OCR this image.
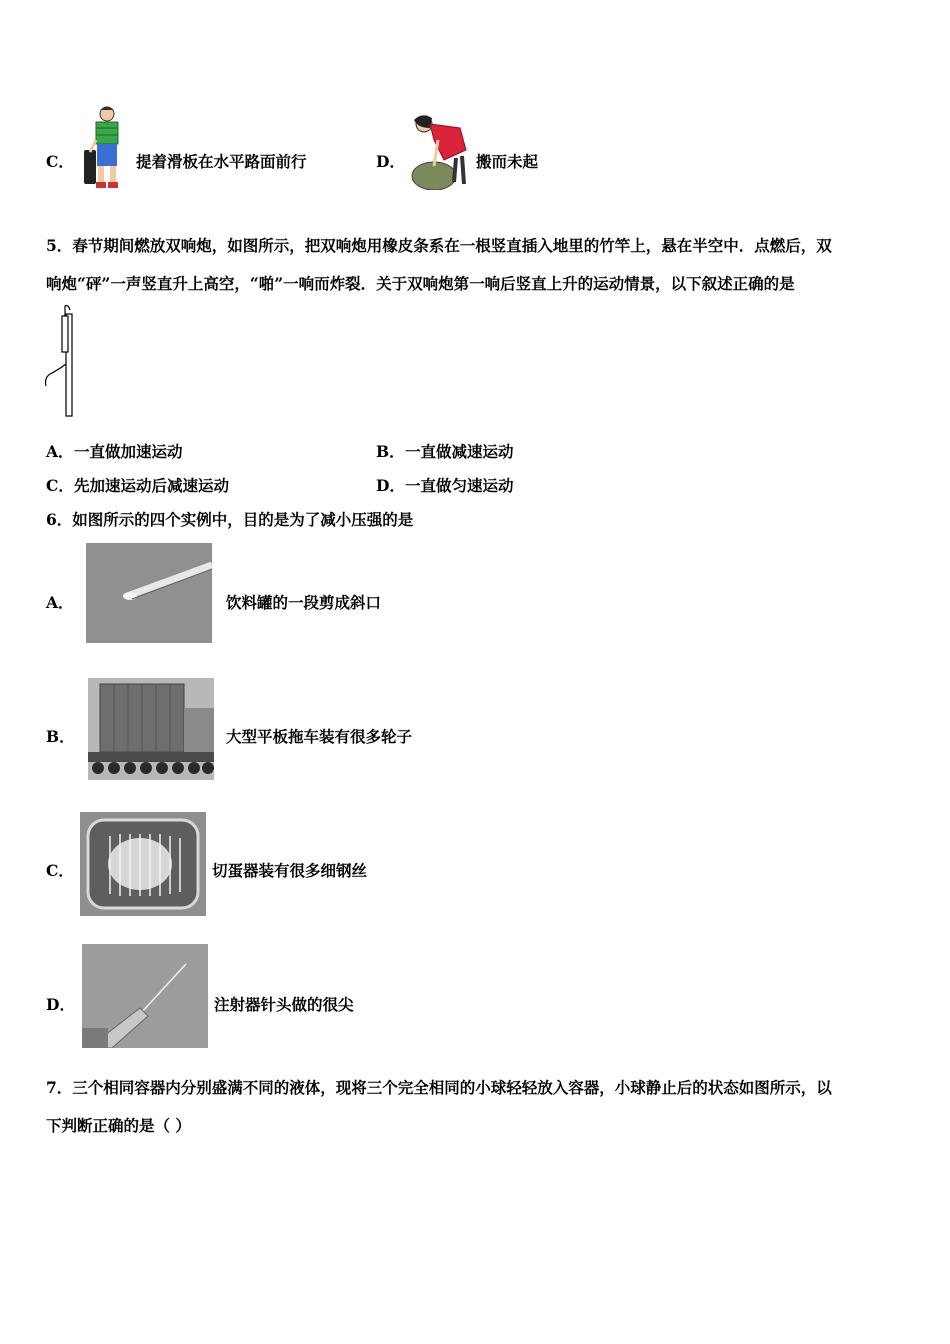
C．	提着滑板在水平路面前行	D．	搬而未起
5．春节期间燃放双响炮，如图所示，把双响炮用橡皮条系在一根竖直插入地里的竹竿上，悬在半空中．点燃后，双
响炮“砰”一声竖直升上高空，“啪”一响而炸裂．关于双响炮第一响后竖直上升的运动情景，以下叙述正确的是
A． 一直做加速运动	B． 一直做减速运动
C． 先加速运动后减速运动	D． 一直做匀速运动
6．如图所示的四个实例中，目的是为了减小压强的是
A．	饮料罐的一段剪成斜口
B．	大型平板拖车装有很多轮子
C．	切蛋器装有很多细钢丝
D．	注射器针头做的很尖
7．三个相同容器内分别盛满不同的液体，现将三个完全相同的小球轻轻放入容器，小球静止后的状态如图所示，以
下判断正确的是（ ）
